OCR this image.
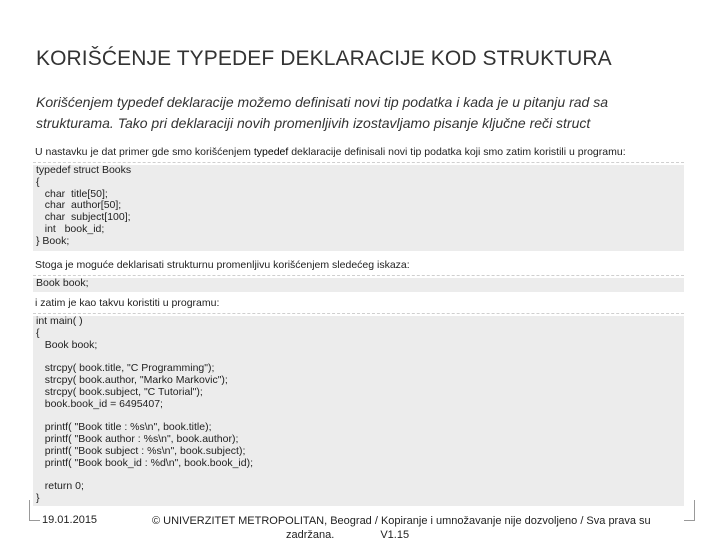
KORIŠĆENJE TYPEDEF DEKLARACIJE KOD STRUKTURA
Korišćenjem typedef deklaracije možemo definisati novi tip podatka i kada je u pitanju rad sa strukturama. Tako pri deklaraciji novih promenljivih izostavljamo pisanje ključne reči struct
U nastavku je dat primer gde smo korišćenjem typedef deklaracije definisali novi tip podatka koji smo zatim koristili u programu:
typedef struct Books
{
char  title[50];
char  author[50];
char  subject[100];
int   book_id;
} Book;
Stoga je moguće deklarisati strukturnu promenljivu korišćenjem sledećeg iskaza:
Book book;
i zatim je kao takvu koristiti u programu:
int main( )
{
Book book;

strcpy( book.title, "C Programming");
strcpy( book.author, "Marko Markovic");
strcpy( book.subject, "C Tutorial");
book.book_id = 6495407;

printf( "Book title : %s\n", book.title);
printf( "Book author : %s\n", book.author);
printf( "Book subject : %s\n", book.subject);
printf( "Book book_id : %d\n", book.book_id);

return 0;
}
19.01.2015	© UNIVERZITET METROPOLITAN, Beograd / Kopiranje i umnožavanje nije dozvoljeno / Sva prava su
zadržana.	V1.15
